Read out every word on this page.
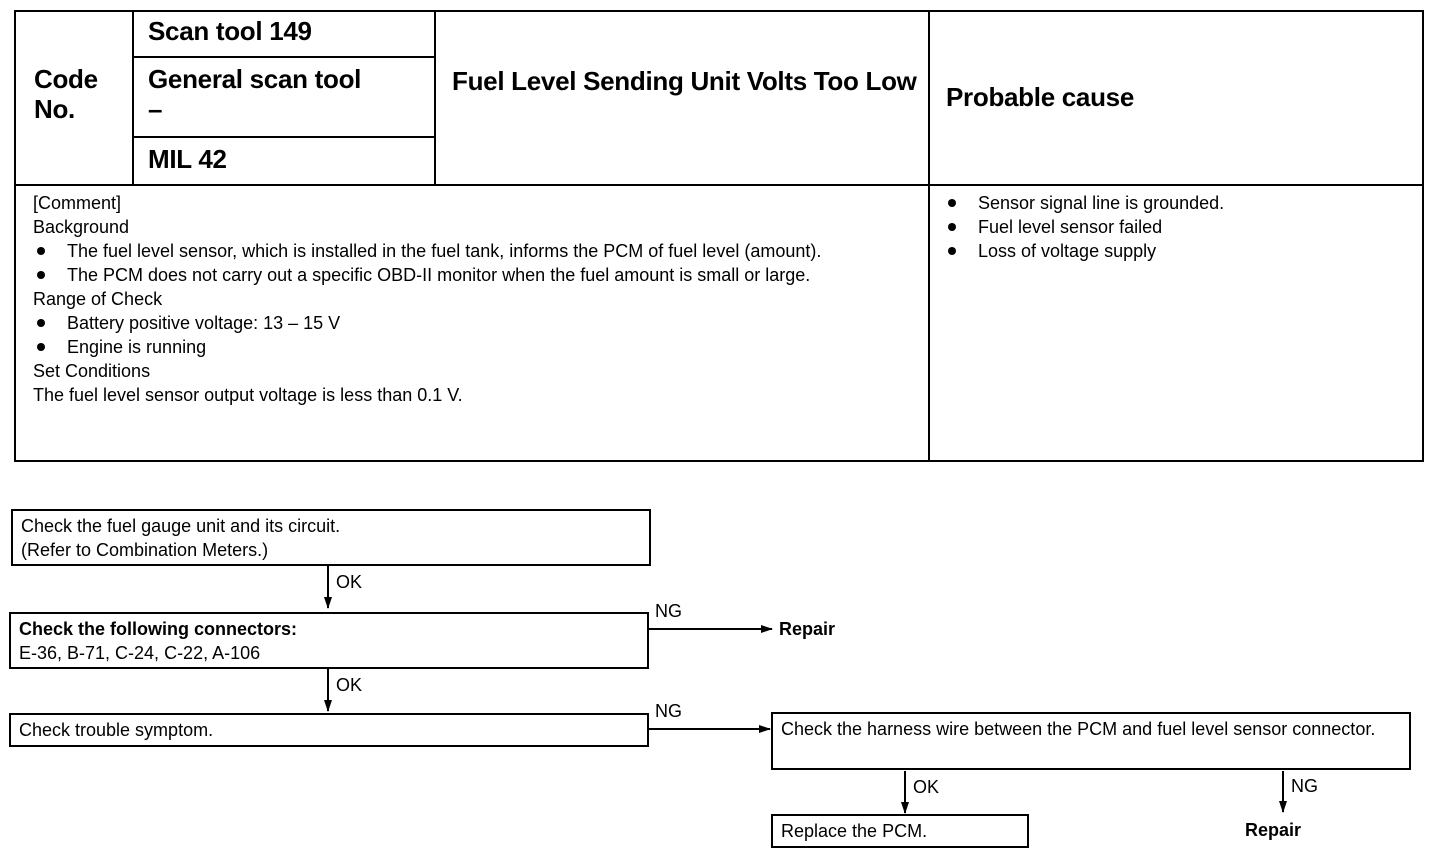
Code No.
Scan tool 149
General scan tool
–
MIL 42
Fuel Level Sending Unit Volts Too Low
Probable cause
[Comment]
Background
The fuel level sensor, which is installed in the fuel tank, informs the PCM of fuel level (amount).
The PCM does not carry out a specific OBD-II monitor when the fuel amount is small or large.
Range of Check
Battery positive voltage: 13 – 15 V
Engine is running
Set Conditions
The fuel level sensor output voltage is less than 0.1 V.
Sensor signal line is grounded.
Fuel level sensor failed
Loss of voltage supply
Check the fuel gauge unit and its circuit.
(Refer to Combination Meters.)
OK
Check the following connectors:
E-36, B-71, C-24, C-22, A-106
NG
Repair
OK
Check trouble symptom.
NG
Check the harness wire between the PCM and fuel level sensor connector.
OK	NG
Replace the PCM.	Repair
